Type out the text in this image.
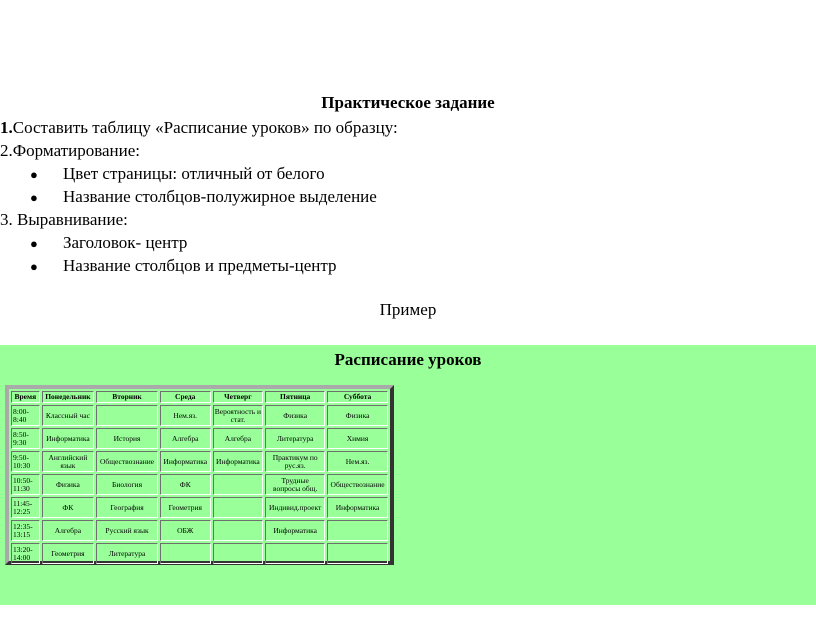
Практическое задание
1.Составить таблицу «Расписание уроков» по образцу:
2.Форматирование:
● Цвет страницы: отличный от белого
● Название столбцов-полужирное выделение
3. Выравнивание:
● Заголовок- центр
● Название столбцов и предметы-центр
Пример
Расписание уроков
Время	Понедельник	Вторник	Среда	Четверг	Пятница	Суббота
8:00-8:40	Классный час		Нем.яз.	Вероятность и стат.	Физика	Физика
8:50-9:30	Информатика	История	Алгебра	Алгебра	Литература	Химия
9:50-10:30	Английский язык	Обществознание	Информатика	Информатика	Практикум по рус.яз.	Нем.яз.
10:50-11:30	Физика	Биология	ФК		Трудные вопросы общ.	Обществознание
11:45-12:25	ФК	География	Геометрия		Индивид.проект	Информатика
12:35-13:15	Алгебра	Русский язык	ОБЖ		Информатика	
13:20-14:00	Геометрия	Литература				
